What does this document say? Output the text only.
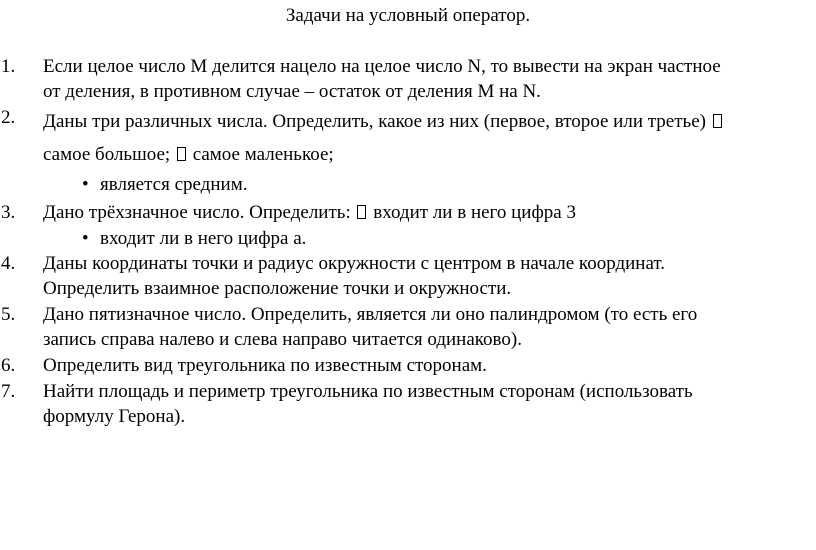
Задачи на условный оператор.
1. Если целое число M делится нацело на целое число N, то вывести на экран частное
от деления, в противном случае – остаток от деления M на N.
2. Даны три различных числа. Определить, какое из них (первое, второе или третье)
самое большое; самое маленькое;
• является средним.
3. Дано трёхзначное число. Определить: входит ли в него цифра 3
• входит ли в него цифра а.
4. Даны координаты точки и радиус окружности с центром в начале координат.
Определить взаимное расположение точки и окружности.
5. Дано пятизначное число. Определить, является ли оно палиндромом (то есть его
запись справа налево и слева направо читается одинаково).
6. Определить вид треугольника по известным сторонам.
7. Найти площадь и периметр треугольника по известным сторонам (использовать
формулу Герона).
